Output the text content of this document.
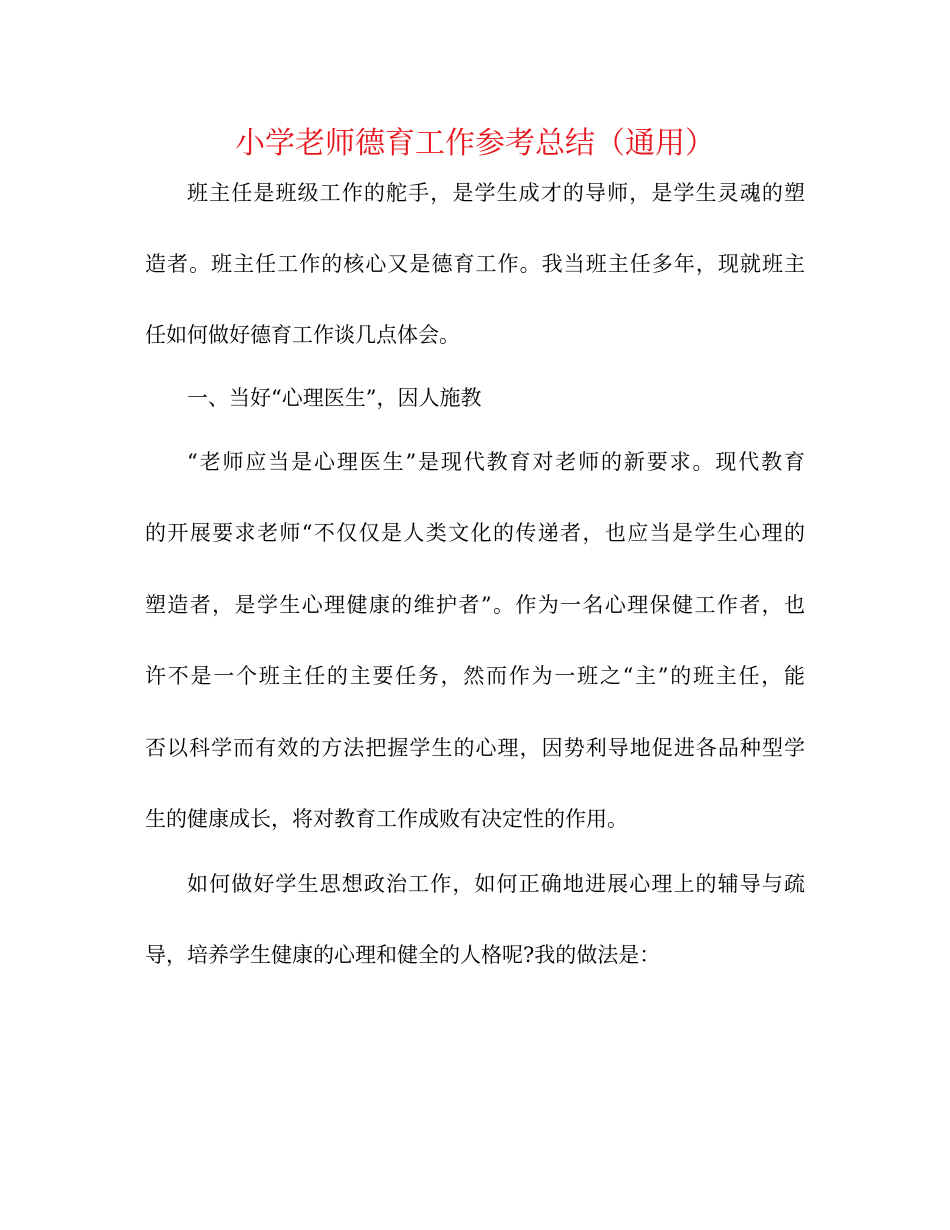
小学老师德育工作参考总结（通用）
班主任是班级工作的舵手，是学生成才的导师，是学生灵魂的塑
造者。班主任工作的核心又是德育工作。我当班主任多年，现就班主
任如何做好德育工作谈几点体会。
一、当好“心理医生”，因人施教
“老师应当是心理医生”是现代教育对老师的新要求。现代教育
的开展要求老师“不仅仅是人类文化的传递者，也应当是学生心理的
塑造者，是学生心理健康的维护者”。作为一名心理保健工作者，也
许不是一个班主任的主要任务，然而作为一班之“主”的班主任，能
否以科学而有效的方法把握学生的心理，因势利导地促进各品种型学
生的健康成长，将对教育工作成败有决定性的作用。
如何做好学生思想政治工作，如何正确地进展心理上的辅导与疏
导，培养学生健康的心理和健全的人格呢?我的做法是：
